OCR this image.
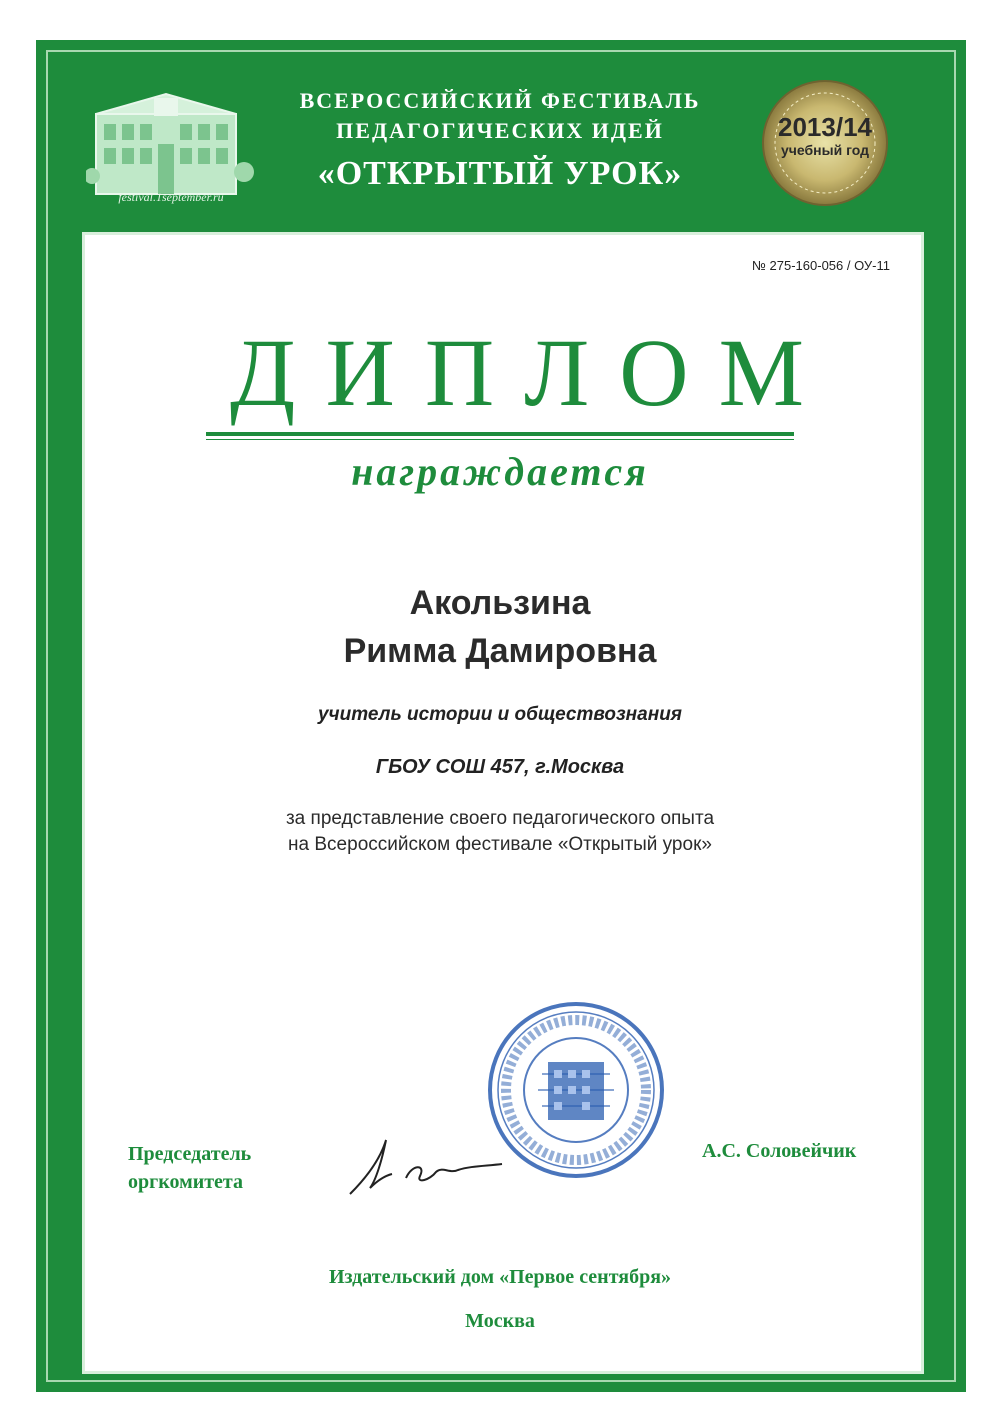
festival.1september.ru
ВСЕРОССИЙСКИЙ ФЕСТИВАЛЬ
ПЕДАГОГИЧЕСКИХ ИДЕЙ
«ОТКРЫТЫЙ УРОК»
2013/14
учебный год
№ 275-160-056 / ОУ-11
ДИПЛОМ
награждается
Акользина
Римма Дамировна
учитель истории и обществознания
ГБОУ СОШ 457, г.Москва
за представление своего педагогического опыта
на Всероссийском фестивале «Открытый урок»
Председатель
оргкомитета
А.С. Соловейчик
Издательский дом «Первое сентября»
Москва
